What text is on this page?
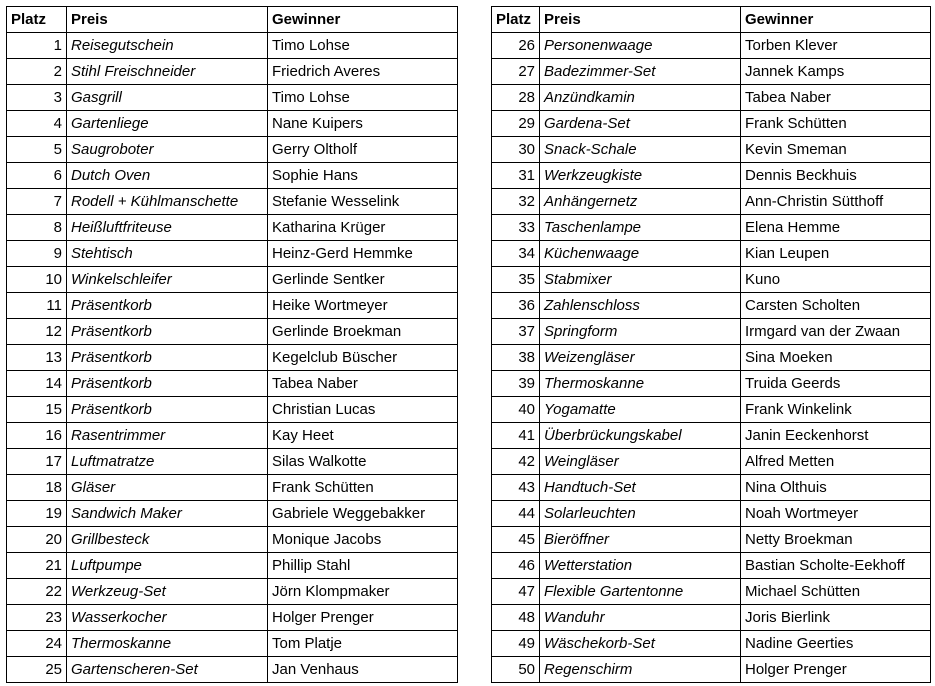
Platz	Preis	Gewinner
1	Reisegutschein	Timo Lohse
2	Stihl Freischneider	Friedrich Averes
3	Gasgrill	Timo Lohse
4	Gartenliege	Nane Kuipers
5	Saugroboter	Gerry Oltholf
6	Dutch Oven	Sophie Hans
7	Rodell + Kühlmanschette	Stefanie Wesselink
8	Heißluftfriteuse	Katharina Krüger
9	Stehtisch	Heinz-Gerd Hemmke
10	Winkelschleifer	Gerlinde Sentker
11	Präsentkorb	Heike Wortmeyer
12	Präsentkorb	Gerlinde Broekman
13	Präsentkorb	Kegelclub Büscher
14	Präsentkorb	Tabea Naber
15	Präsentkorb	Christian Lucas
16	Rasentrimmer	Kay Heet
17	Luftmatratze	Silas Walkotte
18	Gläser	Frank Schütten
19	Sandwich Maker	Gabriele Weggebakker
20	Grillbesteck	Monique Jacobs
21	Luftpumpe	Phillip Stahl
22	Werkzeug-Set	Jörn Klompmaker
23	Wasserkocher	Holger Prenger
24	Thermoskanne	Tom Platje
25	Gartenscheren-Set	Jan Venhaus
Platz	Preis	Gewinner
26	Personenwaage	Torben Klever
27	Badezimmer-Set	Jannek Kamps
28	Anzündkamin	Tabea Naber
29	Gardena-Set	Frank Schütten
30	Snack-Schale	Kevin Smeman
31	Werkzeugkiste	Dennis Beckhuis
32	Anhängernetz	Ann-Christin Sütthoff
33	Taschenlampe	Elena Hemme
34	Küchenwaage	Kian Leupen
35	Stabmixer	Kuno
36	Zahlenschloss	Carsten Scholten
37	Springform	Irmgard van der Zwaan
38	Weizengläser	Sina Moeken
39	Thermoskanne	Truida Geerds
40	Yogamatte	Frank Winkelink
41	Überbrückungskabel	Janin Eeckenhorst
42	Weingläser	Alfred Metten
43	Handtuch-Set	Nina Olthuis
44	Solarleuchten	Noah Wortmeyer
45	Bieröffner	Netty Broekman
46	Wetterstation	Bastian Scholte-Eekhoff
47	Flexible Gartentonne	Michael Schütten
48	Wanduhr	Joris Bierlink
49	Wäschekorb-Set	Nadine Geerties
50	Regenschirm	Holger Prenger
